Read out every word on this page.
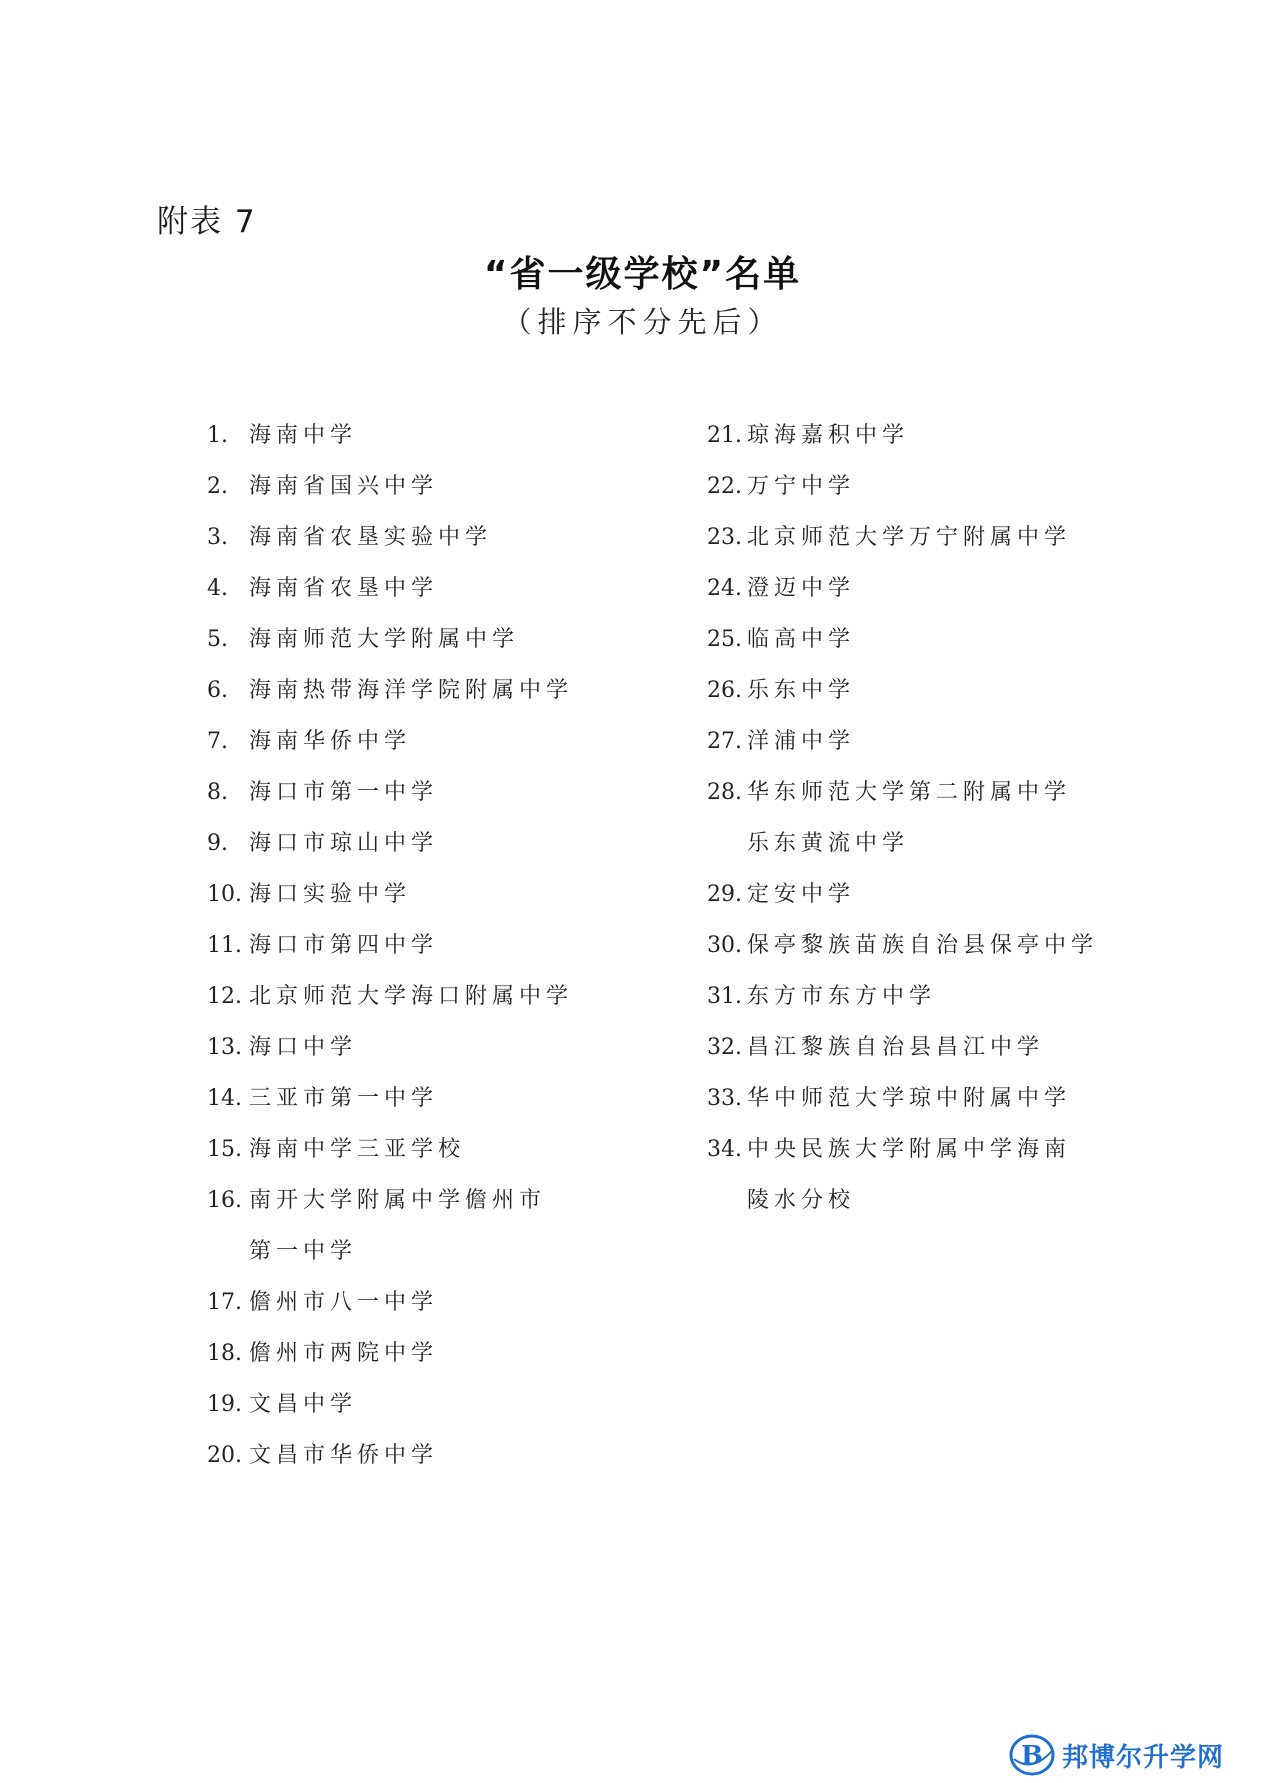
附表 7
“省一级学校”名单
（排序不分先后）
1. 海南中学
2. 海南省国兴中学
3. 海南省农垦实验中学
4. 海南省农垦中学
5. 海南师范大学附属中学
6. 海南热带海洋学院附属中学
7. 海南华侨中学
8. 海口市第一中学
9. 海口市琼山中学
10. 海口实验中学
11. 海口市第四中学
12. 北京师范大学海口附属中学
13. 海口中学
14. 三亚市第一中学
15. 海南中学三亚学校
16. 南开大学附属中学儋州市
第一中学
17. 儋州市八一中学
18. 儋州市两院中学
19. 文昌中学
20. 文昌市华侨中学
21. 琼海嘉积中学
22. 万宁中学
23. 北京师范大学万宁附属中学
24. 澄迈中学
25. 临高中学
26. 乐东中学
27. 洋浦中学
28. 华东师范大学第二附属中学
乐东黄流中学
29. 定安中学
30. 保亭黎族苗族自治县保亭中学
31. 东方市东方中学
32. 昌江黎族自治县昌江中学
33. 华中师范大学琼中附属中学
34. 中央民族大学附属中学海南
陵水分校
B 邦博尔升学网
